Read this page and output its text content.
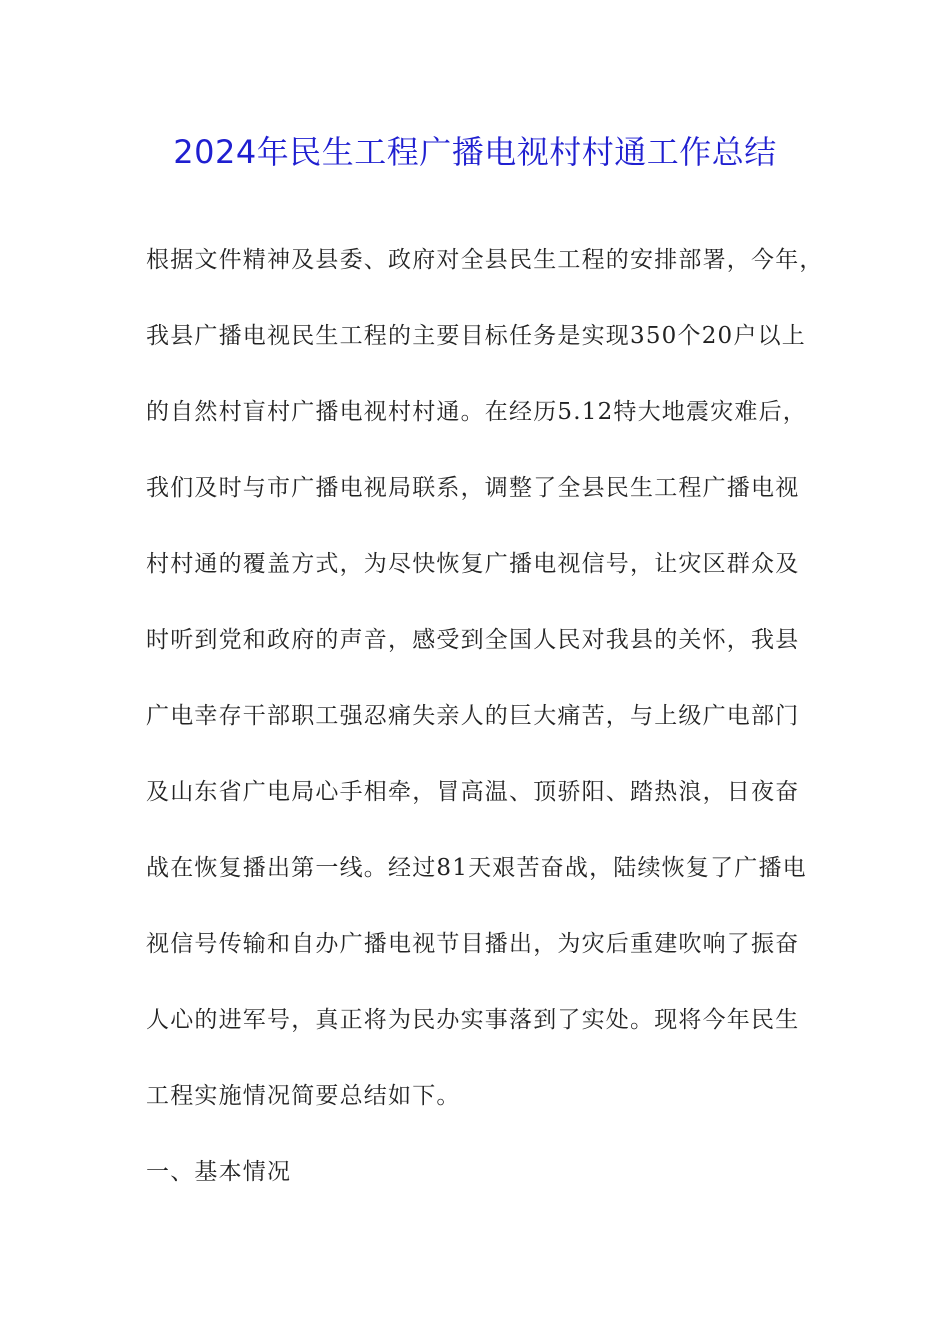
2024年民生工程广播电视村村通工作总结
根据文件精神及县委、政府对全县民生工程的安排部署，今年，
我县广播电视民生工程的主要目标任务是实现350个20户以上
的自然村盲村广播电视村村通。在经历5.12特大地震灾难后，
我们及时与市广播电视局联系，调整了全县民生工程广播电视
村村通的覆盖方式，为尽快恢复广播电视信号，让灾区群众及
时听到党和政府的声音，感受到全国人民对我县的关怀，我县
广电幸存干部职工强忍痛失亲人的巨大痛苦，与上级广电部门
及山东省广电局心手相牵，冒高温、顶骄阳、踏热浪，日夜奋
战在恢复播出第一线。经过81天艰苦奋战，陆续恢复了广播电
视信号传输和自办广播电视节目播出，为灾后重建吹响了振奋
人心的进军号，真正将为民办实事落到了实处。现将今年民生
工程实施情况简要总结如下。
一、基本情况
